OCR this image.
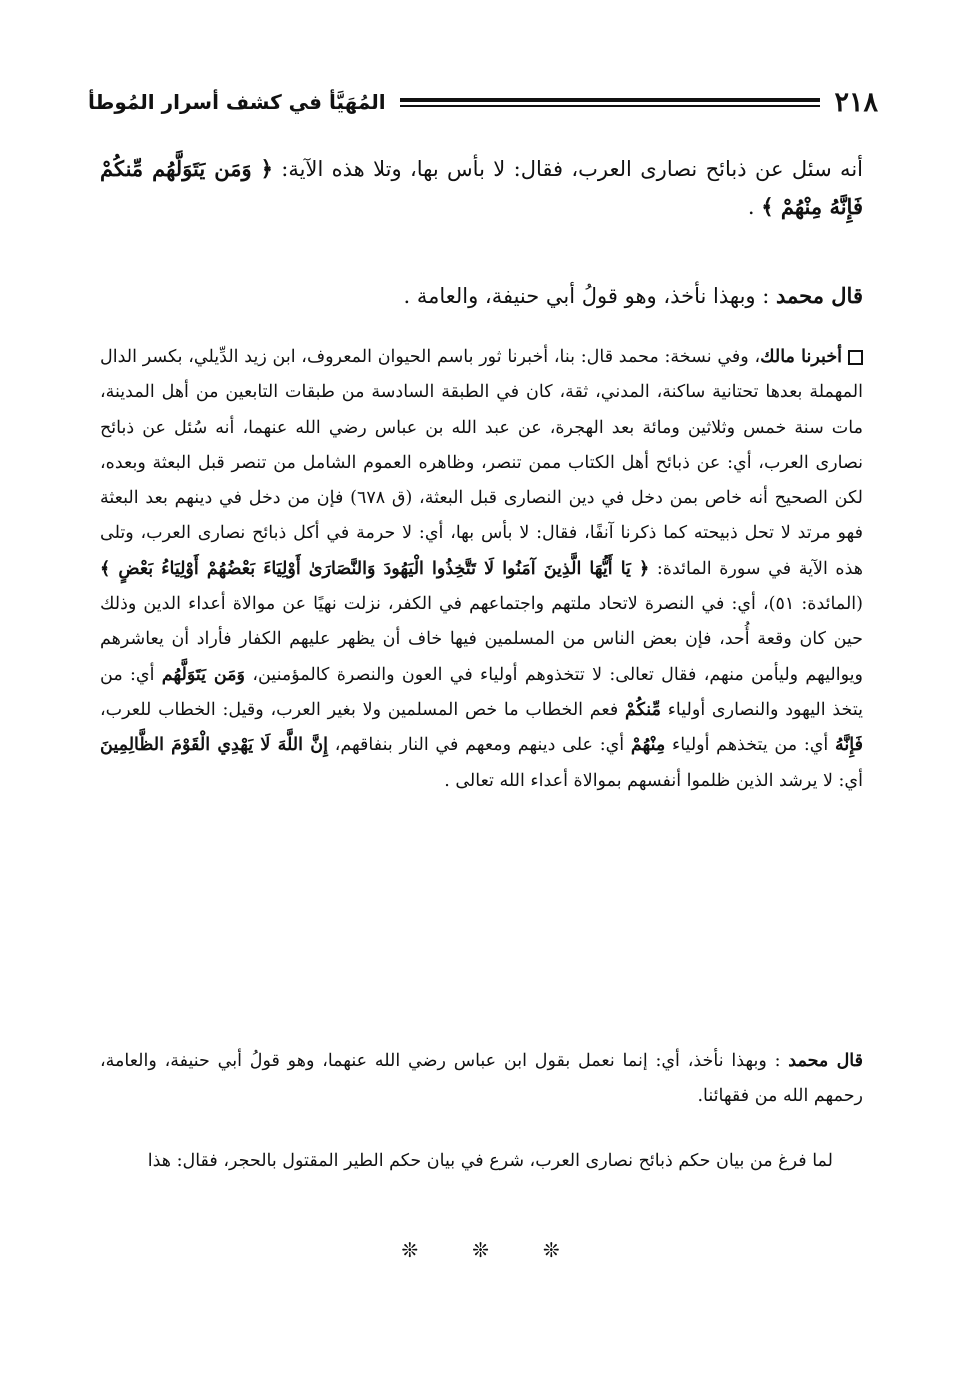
٢١٨
المُهَيَّأ في كشف أسرار المُوطأ

أنه سئل عن ذبائح نصارى العرب، فقال: لا بأس بها، وتلا هذه الآية: ﴿ وَمَن يَتَوَلَّهُم مِّنكُمْ فَإِنَّهُ مِنْهُمْ ﴾ .

قال محمد : وبهذا نأخذ، وهو قولُ أبي حنيفة، والعامة .

أخبرنا مالك، وفي نسخة: محمد قال: بنا، أخبرنا ثور باسم الحيوان المعروف، ابن زيد الدِّيلي، بكسر الدال المهملة بعدها تحتانية ساكنة، المدني، ثقة، كان في الطبقة السادسة من طبقات التابعين من أهل المدينة، مات سنة خمس وثلاثين ومائة بعد الهجرة، عن عبد الله بن عباس رضي الله عنهما، أنه سُئل عن ذبائح نصارى العرب، أي: عن ذبائح أهل الكتاب ممن تنصر، وظاهره العموم الشامل من تنصر قبل البعثة وبعده، لكن الصحيح أنه خاص بمن دخل في دين النصارى قبل البعثة، (ق ٦٧٨) فإن من دخل في دينهم بعد البعثة فهو مرتد لا تحل ذبيحته كما ذكرنا آنفًا، فقال: لا بأس بها، أي: لا حرمة في أكل ذبائح نصارى العرب، وتلى هذه الآية في سورة المائدة: ﴿ يَا أَيُّهَا الَّذِينَ آمَنُوا لَا تَتَّخِذُوا الْيَهُودَ وَالنَّصَارَىٰ أَوْلِيَاءَ بَعْضُهُمْ أَوْلِيَاءُ بَعْضٍ ﴾ (المائدة: ٥١)، أي: في النصرة لاتحاد ملتهم واجتماعهم في الكفر، نزلت نهيًا عن موالاة أعداء الدين وذلك حين كان وقعة أُحد، فإن بعض الناس من المسلمين فيها خاف أن يظهر عليهم الكفار فأراد أن يعاشرهم ويواليهم وليأمن منهم، فقال تعالى: لا تتخذوهم أولياء في العون والنصرة كالمؤمنين، وَمَن يَتَوَلَّهُم أي: من يتخذ اليهود والنصارى أولياء مِّنكُمْ فعم الخطاب ما خص المسلمين ولا بغير العرب، وقيل: الخطاب للعرب، فَإِنَّهُ أي: من يتخذهم أولياء مِنْهُمْ أي: على دينهم ومعهم في النار بنفاقهم، إِنَّ اللَّهَ لَا يَهْدِي الْقَوْمَ الظَّالِمِينَ أي: لا يرشد الذين ظلموا أنفسهم بموالاة أعداء الله تعالى .

قال محمد : وبهذا نأخذ، أي: إنما نعمل بقول ابن عباس رضي الله عنهما، وهو قولُ أبي حنيفة، والعامة، رحمهم الله من فقهائنا.

لما فرغ من بيان حكم ذبائح نصارى العرب، شرع في بيان حكم الطير المقتول بالحجر، فقال: هذا

❊❊❊
